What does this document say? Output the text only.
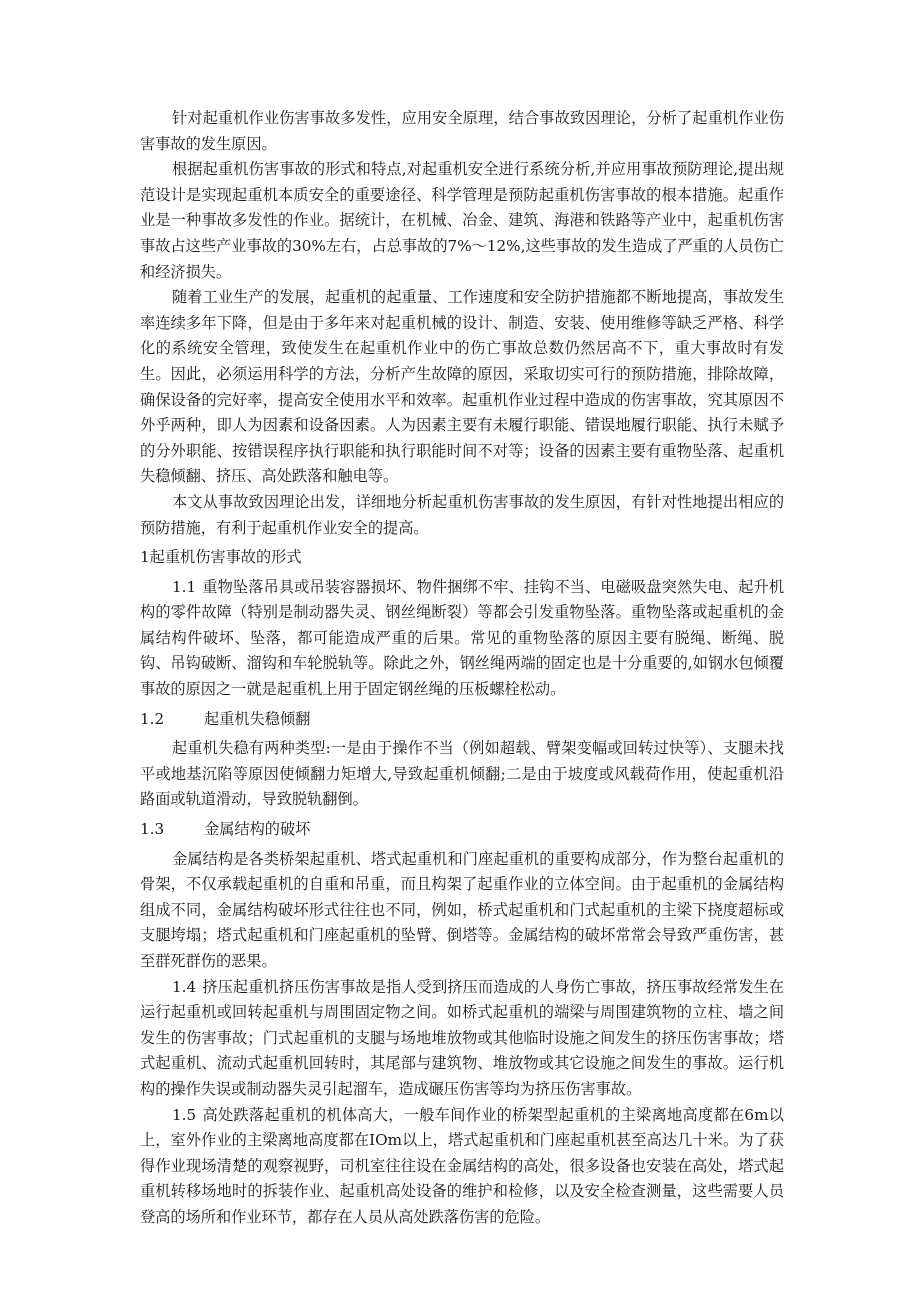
针对起重机作业伤害事故多发性，应用安全原理，结合事故致因理论，分析了起重机作业伤害事故的发生原因。

根据起重机伤害事故的形式和特点,对起重机安全进行系统分析,并应用事故预防理论,提出规范设计是实现起重机本质安全的重要途径、科学管理是预防起重机伤害事故的根本措施。起重作业是一种事故多发性的作业。据统计，在机械、冶金、建筑、海港和铁路等产业中，起重机伤害事故占这些产业事故的30%左右，占总事故的7%～12%,这些事故的发生造成了严重的人员伤亡和经济损失。

随着工业生产的发展，起重机的起重量、工作速度和安全防护措施都不断地提高，事故发生率连续多年下降，但是由于多年来对起重机械的设计、制造、安装、使用维修等缺乏严格、科学化的系统安全管理，致使发生在起重机作业中的伤亡事故总数仍然居高不下，重大事故时有发生。因此，必须运用科学的方法，分析产生故障的原因，采取切实可行的预防措施，排除故障，确保设备的完好率，提高安全使用水平和效率。起重机作业过程中造成的伤害事故，究其原因不外乎两种，即人为因素和设备因素。人为因素主要有未履行职能、错误地履行职能、执行未赋予的分外职能、按错误程序执行职能和执行职能时间不对等；设备的因素主要有重物坠落、起重机失稳倾翻、挤压、高处跌落和触电等。

本文从事故致因理论出发，详细地分析起重机伤害事故的发生原因，有针对性地提出相应的预防措施，有利于起重机作业安全的提高。

1起重机伤害事故的形式

1.1 重物坠落吊具或吊装容器损坏、物件捆绑不牢、挂钩不当、电磁吸盘突然失电、起升机构的零件故障（特别是制动器失灵、钢丝绳断裂）等都会引发重物坠落。重物坠落或起重机的金属结构件破坏、坠落，都可能造成严重的后果。常见的重物坠落的原因主要有脱绳、断绳、脱钩、吊钩破断、溜钩和车轮脱轨等。除此之外，钢丝绳两端的固定也是十分重要的,如钢水包倾覆事故的原因之一就是起重机上用于固定钢丝绳的压板螺栓松动。

1.2	起重机失稳倾翻

起重机失稳有两种类型:一是由于操作不当（例如超载、臂架变幅或回转过快等）、支腿未找平或地基沉陷等原因使倾翻力矩增大,导致起重机倾翻;二是由于坡度或风载荷作用，使起重机沿路面或轨道滑动，导致脱轨翻倒。

1.3	金属结构的破坏

金属结构是各类桥架起重机、塔式起重机和门座起重机的重要构成部分，作为整台起重机的骨架，不仅承载起重机的自重和吊重，而且构架了起重作业的立体空间。由于起重机的金属结构组成不同，金属结构破坏形式往往也不同，例如，桥式起重机和门式起重机的主梁下挠度超标或支腿垮塌；塔式起重机和门座起重机的坠臂、倒塔等。金属结构的破坏常常会导致严重伤害，甚至群死群伤的恶果。

1.4 挤压起重机挤压伤害事故是指人受到挤压而造成的人身伤亡事故，挤压事故经常发生在运行起重机或回转起重机与周围固定物之间。如桥式起重机的端梁与周围建筑物的立柱、墙之间发生的伤害事故；门式起重机的支腿与场地堆放物或其他临时设施之间发生的挤压伤害事故；塔式起重机、流动式起重机回转时，其尾部与建筑物、堆放物或其它设施之间发生的事故。运行机构的操作失误或制动器失灵引起溜车，造成碾压伤害等均为挤压伤害事故。

1.5 高处跌落起重机的机体高大，一般车间作业的桥架型起重机的主梁离地高度都在6m以上，室外作业的主梁离地高度都在IOm以上，塔式起重机和门座起重机甚至高达几十米。为了获得作业现场清楚的观察视野，司机室往往设在金属结构的高处，很多设备也安装在高处，塔式起重机转移场地时的拆装作业、起重机高处设备的维护和检修，以及安全检查测量，这些需要人员登高的场所和作业环节，都存在人员从高处跌落伤害的危险。
